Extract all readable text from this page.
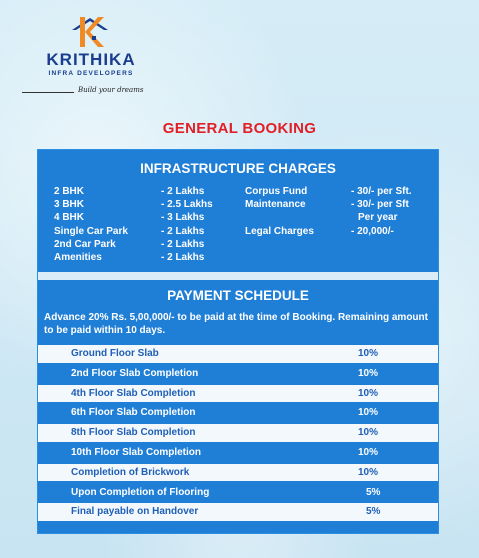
KRITHIKA
INFRA DEVELOPERS
Build your dreams
GENERAL BOOKING
INFRASTRUCTURE CHARGES
2 BHK	- 2 Lakhs
3 BHK	- 2.5 Lakhs
4 BHK	- 3 Lakhs
Single Car Park	- 2 Lakhs
2nd Car Park	- 2 Lakhs
Amenities	- 2 Lakhs
Corpus Fund	- 30/- per Sft.
Maintenance	- 30/- per Sft
Per year
Legal Charges	- 20,000/-
PAYMENT SCHEDULE
Advance 20% Rs. 5,00,000/- to be paid at the time of Booking. Remaining amount to be paid within 10 days.
Ground Floor Slab	10%
2nd Floor Slab Completion	10%
4th Floor Slab Completion	10%
6th Floor Slab Completion	10%
8th Floor Slab Completion	10%
10th Floor Slab Completion	10%
Completion of Brickwork	10%
Upon Completion of Flooring	5%
Final payable on Handover	5%
